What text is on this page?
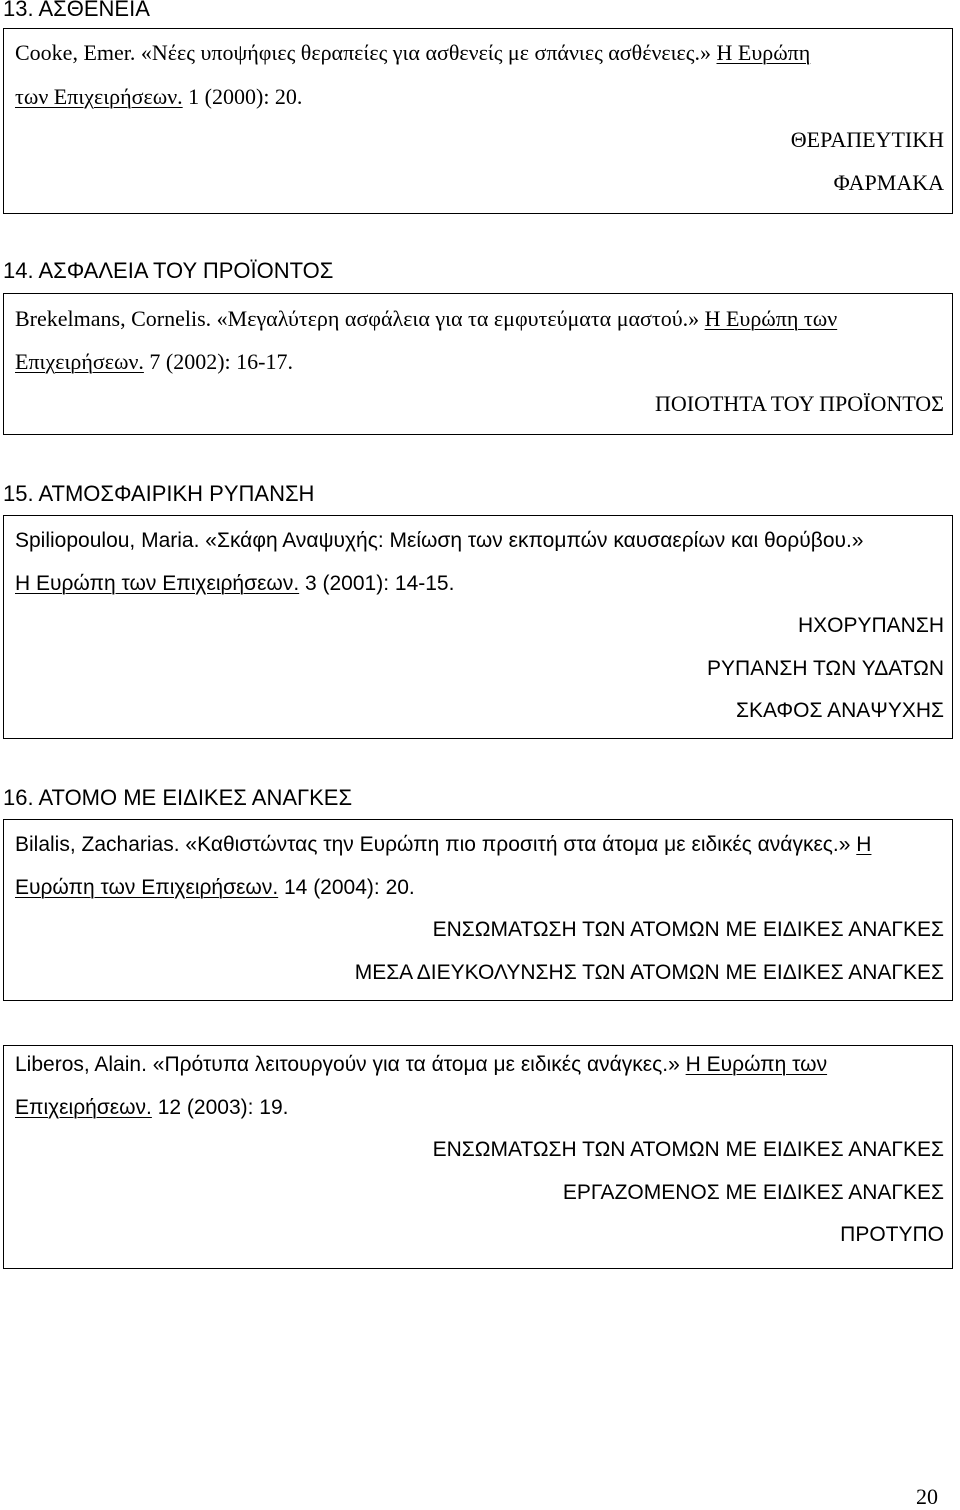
13. ΑΣΘΕΝΕΙΑ
Cooke, Emer. «Νέες υποψήφιες θεραπείες για ασθενείς με σπάνιες ασθένειες.» Η Ευρώπη
των Επιχειρήσεων. 1 (2000): 20.
ΘΕΡΑΠΕΥΤΙΚΗ
ΦΑΡΜΑΚΑ
14. ΑΣΦΑΛΕΙΑ ΤΟΥ ΠΡΟΪΟΝΤΟΣ
Brekelmans, Cornelis. «Μεγαλύτερη ασφάλεια για τα εμφυτεύματα μαστού.» Η Ευρώπη των
Επιχειρήσεων. 7 (2002): 16-17.
ΠΟΙΟΤΗΤΑ ΤΟΥ ΠΡΟΪΟΝΤΟΣ
15. ΑΤΜΟΣΦΑΙΡΙΚΗ ΡΥΠΑΝΣΗ
Spiliopoulou, Maria. «Σκάφη Αναψυχής: Μείωση των εκπομπών καυσαερίων και θορύβου.»
Η Ευρώπη των Επιχειρήσεων. 3 (2001): 14-15.
ΗΧΟΡΥΠΑΝΣΗ
ΡΥΠΑΝΣΗ ΤΩΝ ΥΔΑΤΩΝ
ΣΚΑΦΟΣ ΑΝΑΨΥΧΗΣ
16. ΑΤΟΜΟ ΜΕ ΕΙΔΙΚΕΣ ΑΝΑΓΚΕΣ
Bilalis, Zacharias. «Καθιστώντας την Ευρώπη πιο προσιτή στα άτομα με ειδικές ανάγκες.» Η
Ευρώπη των Επιχειρήσεων. 14 (2004): 20.
ΕΝΣΩΜΑΤΩΣΗ ΤΩΝ ΑΤΟΜΩΝ ΜΕ ΕΙΔΙΚΕΣ ΑΝΑΓΚΕΣ
ΜΕΣΑ ΔΙΕΥΚΟΛΥΝΣΗΣ ΤΩΝ ΑΤΟΜΩΝ ΜΕ ΕΙΔΙΚΕΣ ΑΝΑΓΚΕΣ
Liberos, Alain. «Πρότυπα λειτουργούν για τα άτομα με ειδικές ανάγκες.» Η Ευρώπη των
Επιχειρήσεων. 12 (2003): 19.
ΕΝΣΩΜΑΤΩΣΗ ΤΩΝ ΑΤΟΜΩΝ ΜΕ ΕΙΔΙΚΕΣ ΑΝΑΓΚΕΣ
ΕΡΓΑΖΟΜΕΝΟΣ ΜΕ ΕΙΔΙΚΕΣ ΑΝΑΓΚΕΣ
ΠΡΟΤΥΠΟ
20
